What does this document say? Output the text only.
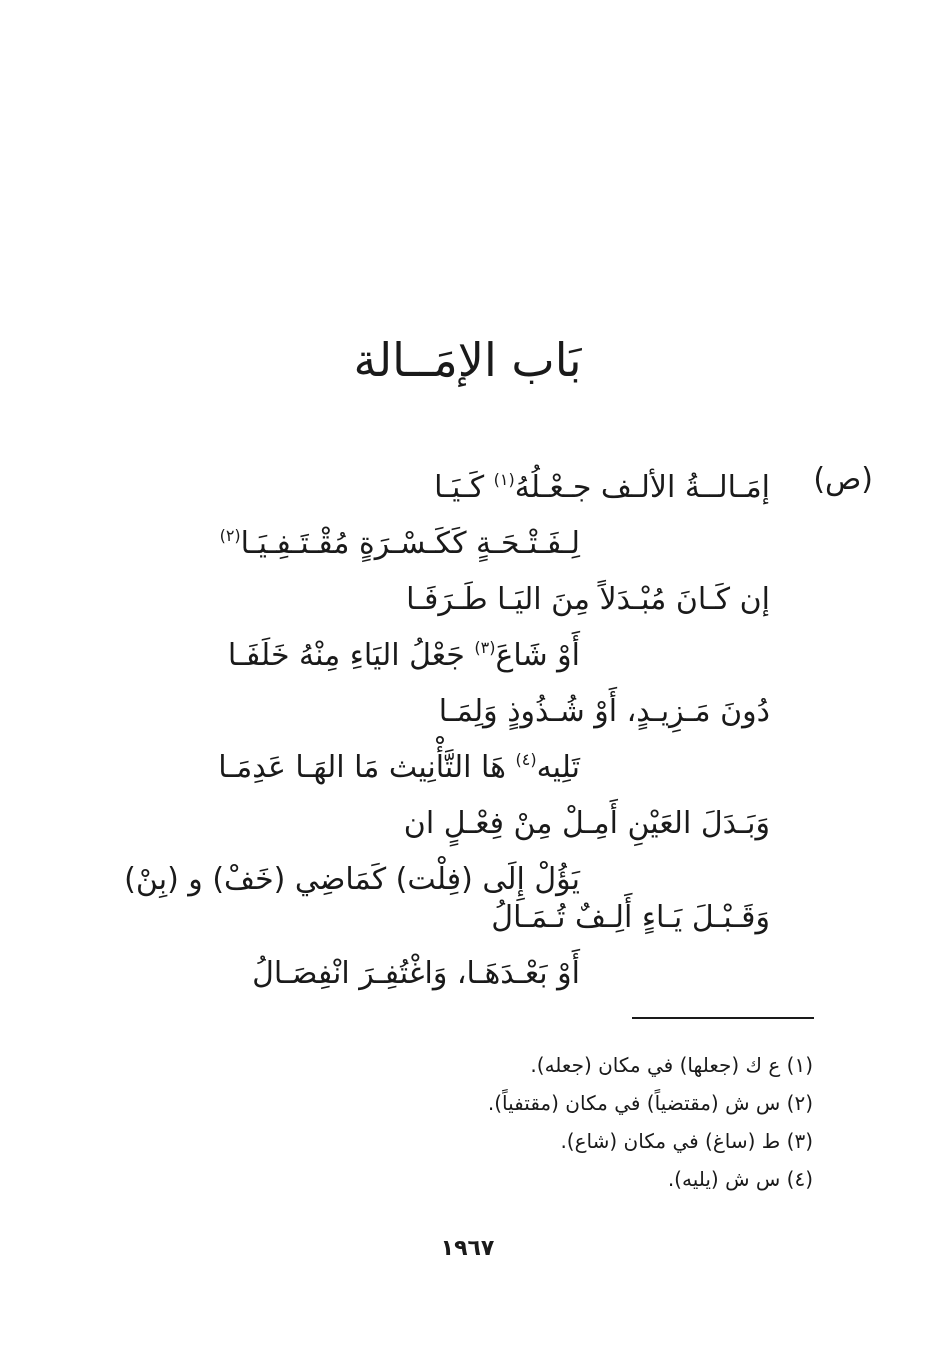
بَاب الإمَــالة
(ص)
إمَـالــةُ الألـف جـعْـلُهُ$^{(١)}$ كَـيَـا
لِـفَـتْـحَـةٍ كَكَـسْـرَةٍ مُقْـتَـفِـيَـا$^{(٢)}$
إن كَـانَ مُبْـدَلاً مِنَ اليَـا طَـرَفَـا
أَوْ شَاعَ$^{(٣)}$ جَعْلُ اليَاءِ مِنْهُ خَلَفَـا
دُونَ مَـزِيـدٍ، أَوْ شُـذُوذٍ وَلِمَـا
تَلِيه$^{(٤)}$ هَا التَّأْنِيث مَا الهَـا عَدِمَـا
وَبَـدَلَ العَيْنِ أَمِـلْ مِنْ فِعْـلٍ ان
يَؤُلْ إِلَى (فِلْت) كَمَاضِي (خَفْ) و (بِنْ)
وَقَـبْـلَ يَـاءٍ أَلِـفٌ تُـمَـالُ
أَوْ بَعْـدَهَـا، وَاغْتُفِـرَ انْفِصَـالُ
(١) ع ك (جعلها) في مكان (جعله).
(٢) س ش (مقتضياً) في مكان (مقتفياً).
(٣) ط (ساغ) في مكان (شاع).
(٤) س ش (يليه).
١٩٦٧
